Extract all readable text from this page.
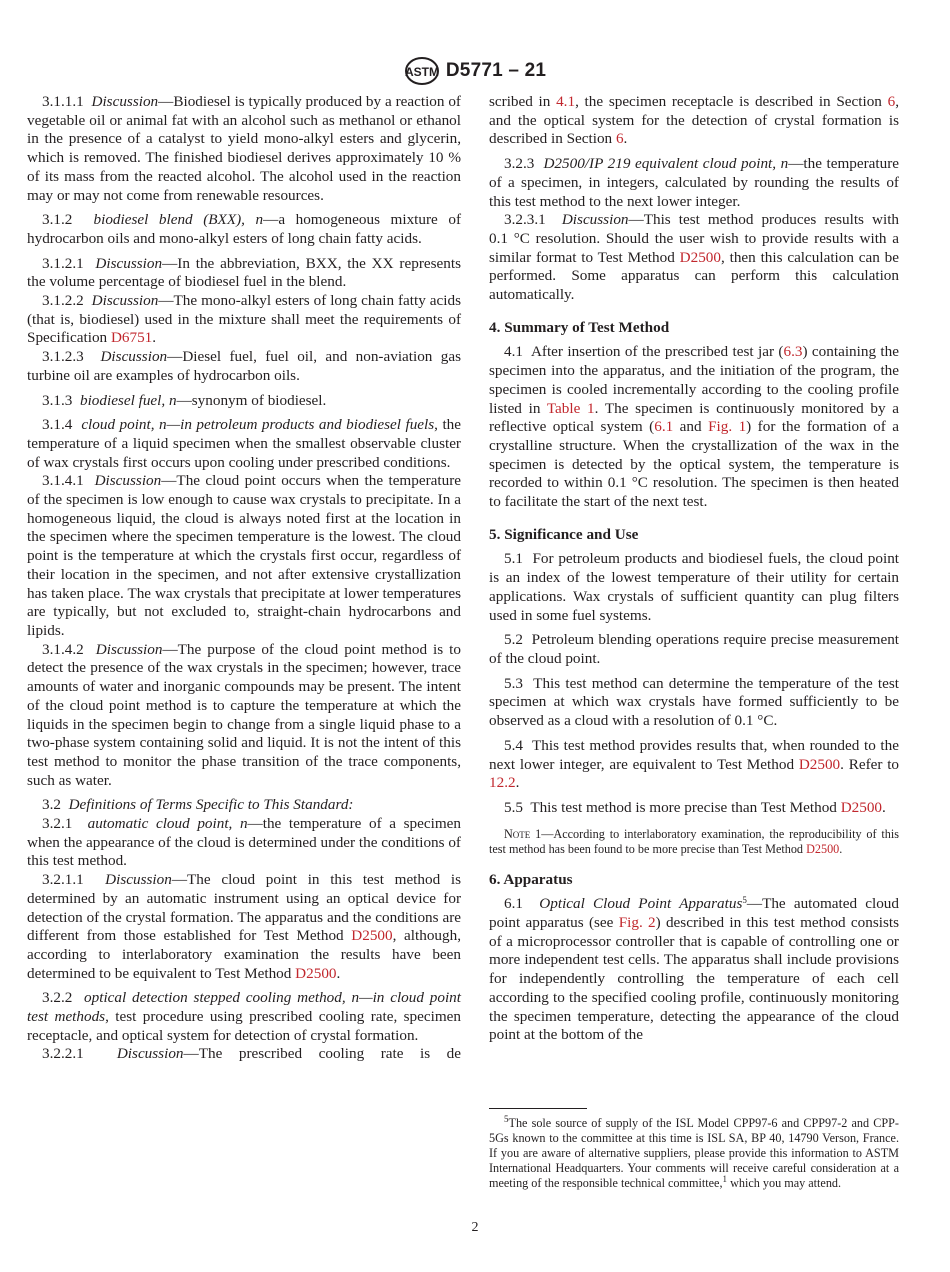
ASTM D5771 – 21

3.1.1.1 Discussion—Biodiesel is typically produced by a reaction of vegetable oil or animal fat with an alcohol such as methanol or ethanol in the presence of a catalyst to yield mono-alkyl esters and glycerin, which is removed. The finished biodiesel derives approximately 10 % of its mass from the reacted alcohol. The alcohol used in the reaction may or may not come from renewable resources.

3.1.2 biodiesel blend (BXX), n—a homogeneous mixture of hydrocarbon oils and mono-alkyl esters of long chain fatty acids.

3.1.2.1 Discussion—In the abbreviation, BXX, the XX represents the volume percentage of biodiesel fuel in the blend.

3.1.2.2 Discussion—The mono-alkyl esters of long chain fatty acids (that is, biodiesel) used in the mixture shall meet the requirements of Specification D6751.

3.1.2.3 Discussion—Diesel fuel, fuel oil, and non-aviation gas turbine oil are examples of hydrocarbon oils.

3.1.3 biodiesel fuel, n—synonym of biodiesel.

3.1.4 cloud point, n—in petroleum products and biodiesel fuels, the temperature of a liquid specimen when the smallest observable cluster of wax crystals first occurs upon cooling under prescribed conditions.

3.1.4.1 Discussion—The cloud point occurs when the temperature of the specimen is low enough to cause wax crystals to precipitate. In a homogeneous liquid, the cloud is always noted first at the location in the specimen where the specimen temperature is the lowest. The cloud point is the temperature at which the crystals first occur, regardless of their location in the specimen, and not after extensive crystallization has taken place. The wax crystals that precipitate at lower temperatures are typically, but not excluded to, straight-chain hydrocarbons and lipids.

3.1.4.2 Discussion—The purpose of the cloud point method is to detect the presence of the wax crystals in the specimen; however, trace amounts of water and inorganic compounds may be present. The intent of the cloud point method is to capture the temperature at which the liquids in the specimen begin to change from a single liquid phase to a two-phase system containing solid and liquid. It is not the intent of this test method to monitor the phase transition of the trace components, such as water.

3.2 Definitions of Terms Specific to This Standard:

3.2.1 automatic cloud point, n—the temperature of a specimen when the appearance of the cloud is determined under the conditions of this test method.

3.2.1.1 Discussion—The cloud point in this test method is determined by an automatic instrument using an optical device for detection of the crystal formation. The apparatus and the conditions are different from those established for Test Method D2500, although, according to interlaboratory examination the results have been determined to be equivalent to Test Method D2500.

3.2.2 optical detection stepped cooling method, n—in cloud point test methods, test procedure using prescribed cooling rate, specimen receptacle, and optical system for detection of crystal formation.

3.2.2.1 Discussion—The prescribed cooling rate is de

scribed in 4.1, the specimen receptacle is described in Section 6, and the optical system for the detection of crystal formation is described in Section 6.

3.2.3 D2500/IP 219 equivalent cloud point, n—the temperature of a specimen, in integers, calculated by rounding the results of this test method to the next lower integer.

3.2.3.1 Discussion—This test method produces results with 0.1 °C resolution. Should the user wish to provide results with a similar format to Test Method D2500, then this calculation can be performed. Some apparatus can perform this calculation automatically.

4. Summary of Test Method

4.1 After insertion of the prescribed test jar (6.3) containing the specimen into the apparatus, and the initiation of the program, the specimen is cooled incrementally according to the cooling profile listed in Table 1. The specimen is continuously monitored by a reflective optical system (6.1 and Fig. 1) for the formation of a crystalline structure. When the crystallization of the wax in the specimen is detected by the optical system, the temperature is recorded to within 0.1 °C resolution. The specimen is then heated to facilitate the start of the next test.

5. Significance and Use

5.1 For petroleum products and biodiesel fuels, the cloud point is an index of the lowest temperature of their utility for certain applications. Wax crystals of sufficient quantity can plug filters used in some fuel systems.

5.2 Petroleum blending operations require precise measurement of the cloud point.

5.3 This test method can determine the temperature of the test specimen at which wax crystals have formed sufficiently to be observed as a cloud with a resolution of 0.1 °C.

5.4 This test method provides results that, when rounded to the next lower integer, are equivalent to Test Method D2500. Refer to 12.2.

5.5 This test method is more precise than Test Method D2500.

Note 1—According to interlaboratory examination, the reproducibility of this test method has been found to be more precise than Test Method D2500.

6. Apparatus

6.1 Optical Cloud Point Apparatus$^5$—The automated cloud point apparatus (see Fig. 2) described in this test method consists of a microprocessor controller that is capable of controlling one or more independent test cells. The apparatus shall include provisions for independently controlling the temperature of each cell according to the specified cooling profile, continuously monitoring the specimen temperature, detecting the appearance of the cloud point at the bottom of the

$^5$The sole source of supply of the ISL Model CPP97-6 and CPP97-2 and CPP-5Gs known to the committee at this time is ISL SA, BP 40, 14790 Verson, France. If you are aware of alternative suppliers, please provide this information to ASTM International Headquarters. Your comments will receive careful consideration at a meeting of the responsible technical committee,$^1$ which you may attend.

2
